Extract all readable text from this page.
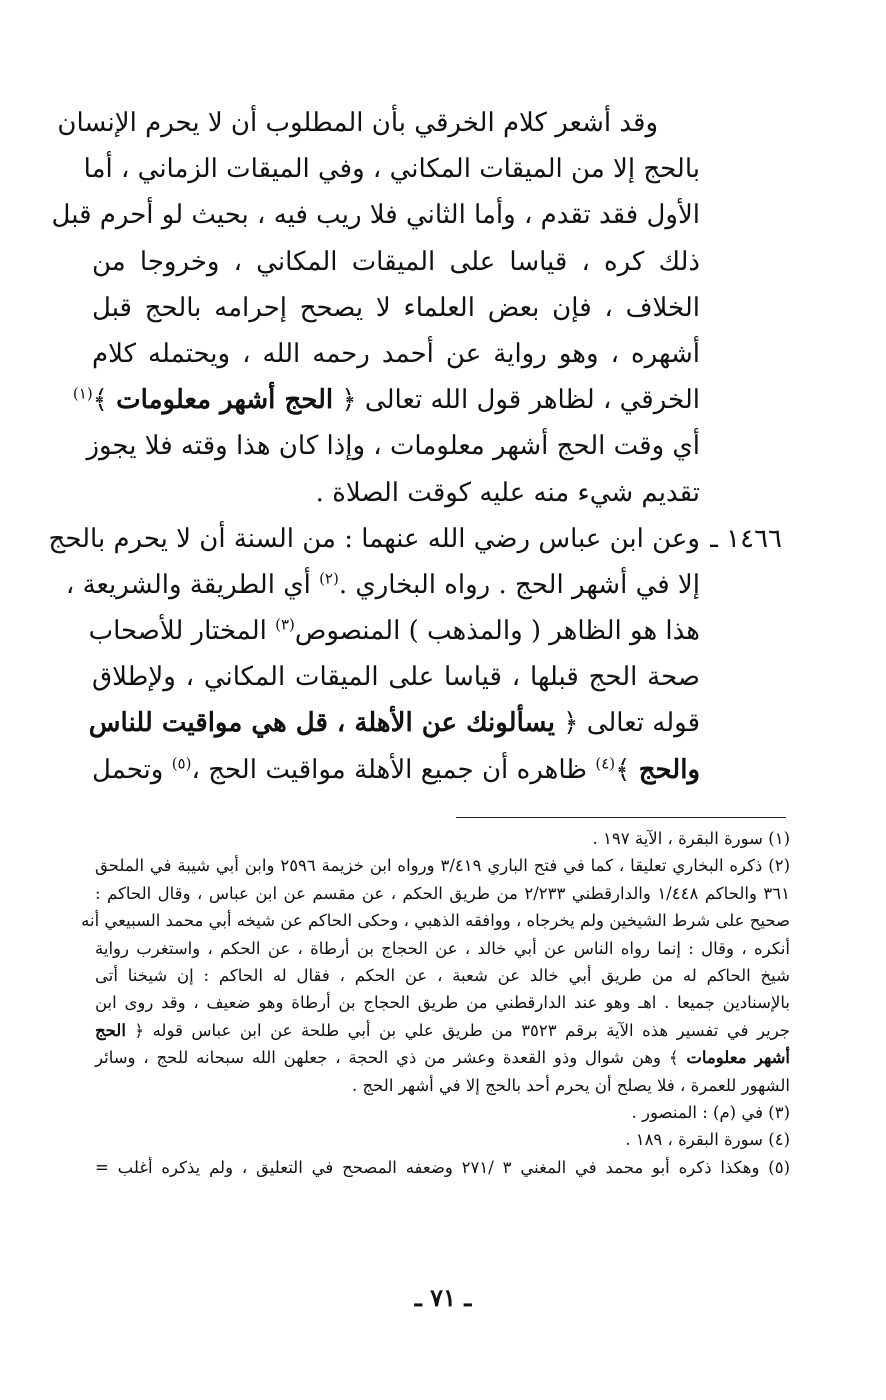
وقد أشعر كلام الخرقي بأن المطلوب أن لا يحرم الإنسان
بالحج إلا من الميقات المكاني ، وفي الميقات الزماني ، أما
الأول فقد تقدم ، وأما الثاني فلا ريب فيه ، بحيث لو أحرم قبل
ذلك كره ، قياسا على الميقات المكاني ، وخروجا من
الخلاف ، فإن بعض العلماء لا يصحح إحرامه بالحج قبل
أشهره ، وهو رواية عن أحمد رحمه الله ، ويحتمله كلام
الخرقي ، لظاهر قول الله تعالى ﴿ الحج أشهر معلومات ﴾$^{(١)}$
أي وقت الحج أشهر معلومات ، وإذا كان هذا وقته فلا يجوز
تقديم شيء منه عليه كوقت الصلاة .
١٤٦٦ ـ
وعن ابن عباس رضي الله عنهما : من السنة أن لا يحرم بالحج
إلا في أشهر الحج . رواه البخاري .$^{(٢)}$ أي الطريقة والشريعة ،
هذا هو الظاهر ( والمذهب ) المنصوص$^{(٣)}$ المختار للأصحاب
صحة الحج قبلها ، قياسا على الميقات المكاني ، ولإطلاق
قوله تعالى ﴿ يسألونك عن الأهلة ، قل هي مواقيت للناس
والحج ﴾$^{(٤)}$ ظاهره أن جميع الأهلة مواقيت الحج ،$^{(٥)}$ وتحمل
(١) سورة البقرة ، الآية ١٩٧ .
(٢) ذكره البخاري تعليقا ، كما في فتح الباري ٣/٤١٩ ورواه ابن خزيمة ٢٥٩٦ وابن أبي شيبة في الملحق
٣٦١ والحاكم ١/٤٤٨ والدارقطني ٢/٢٣٣ من طريق الحكم ، عن مقسم عن ابن عباس ، وقال الحاكم :
صحيح على شرط الشيخين ولم يخرجاه ، ووافقه الذهبي ، وحكى الحاكم عن شيخه أبي محمد السبيعي أنه
أنكره ، وقال : إنما رواه الناس عن أبي خالد ، عن الحجاج بن أرطاة ، عن الحكم ، واستغرب رواية
شيخ الحاكم له من طريق أبي خالد عن شعبة ، عن الحكم ، فقال له الحاكم : إن شيخنا أتى
بالإسنادين جميعا . اهـ وهو عند الدارقطني من طريق الحجاج بن أرطاة وهو ضعيف ، وقد روى ابن
جرير في تفسير هذه الآية برقم ٣٥٢٣ من طريق علي بن أبي طلحة عن ابن عباس قوله ﴿ الحج
أشهر معلومات ﴾ وهن شوال وذو القعدة وعشر من ذي الحجة ، جعلهن الله سبحانه للحج ، وسائر
الشهور للعمرة ، فلا يصلح أن يحرم أحد بالحج إلا في أشهر الحج .
(٣) في (م) : المنصور .
(٤) سورة البقرة ، ١٨٩ .
(٥) وهكذا ذكره أبو محمد في المغني ٣ /٢٧١ وضعفه المصحح في التعليق ، ولم يذكره أغلب =
ـ ٧١ ـ
